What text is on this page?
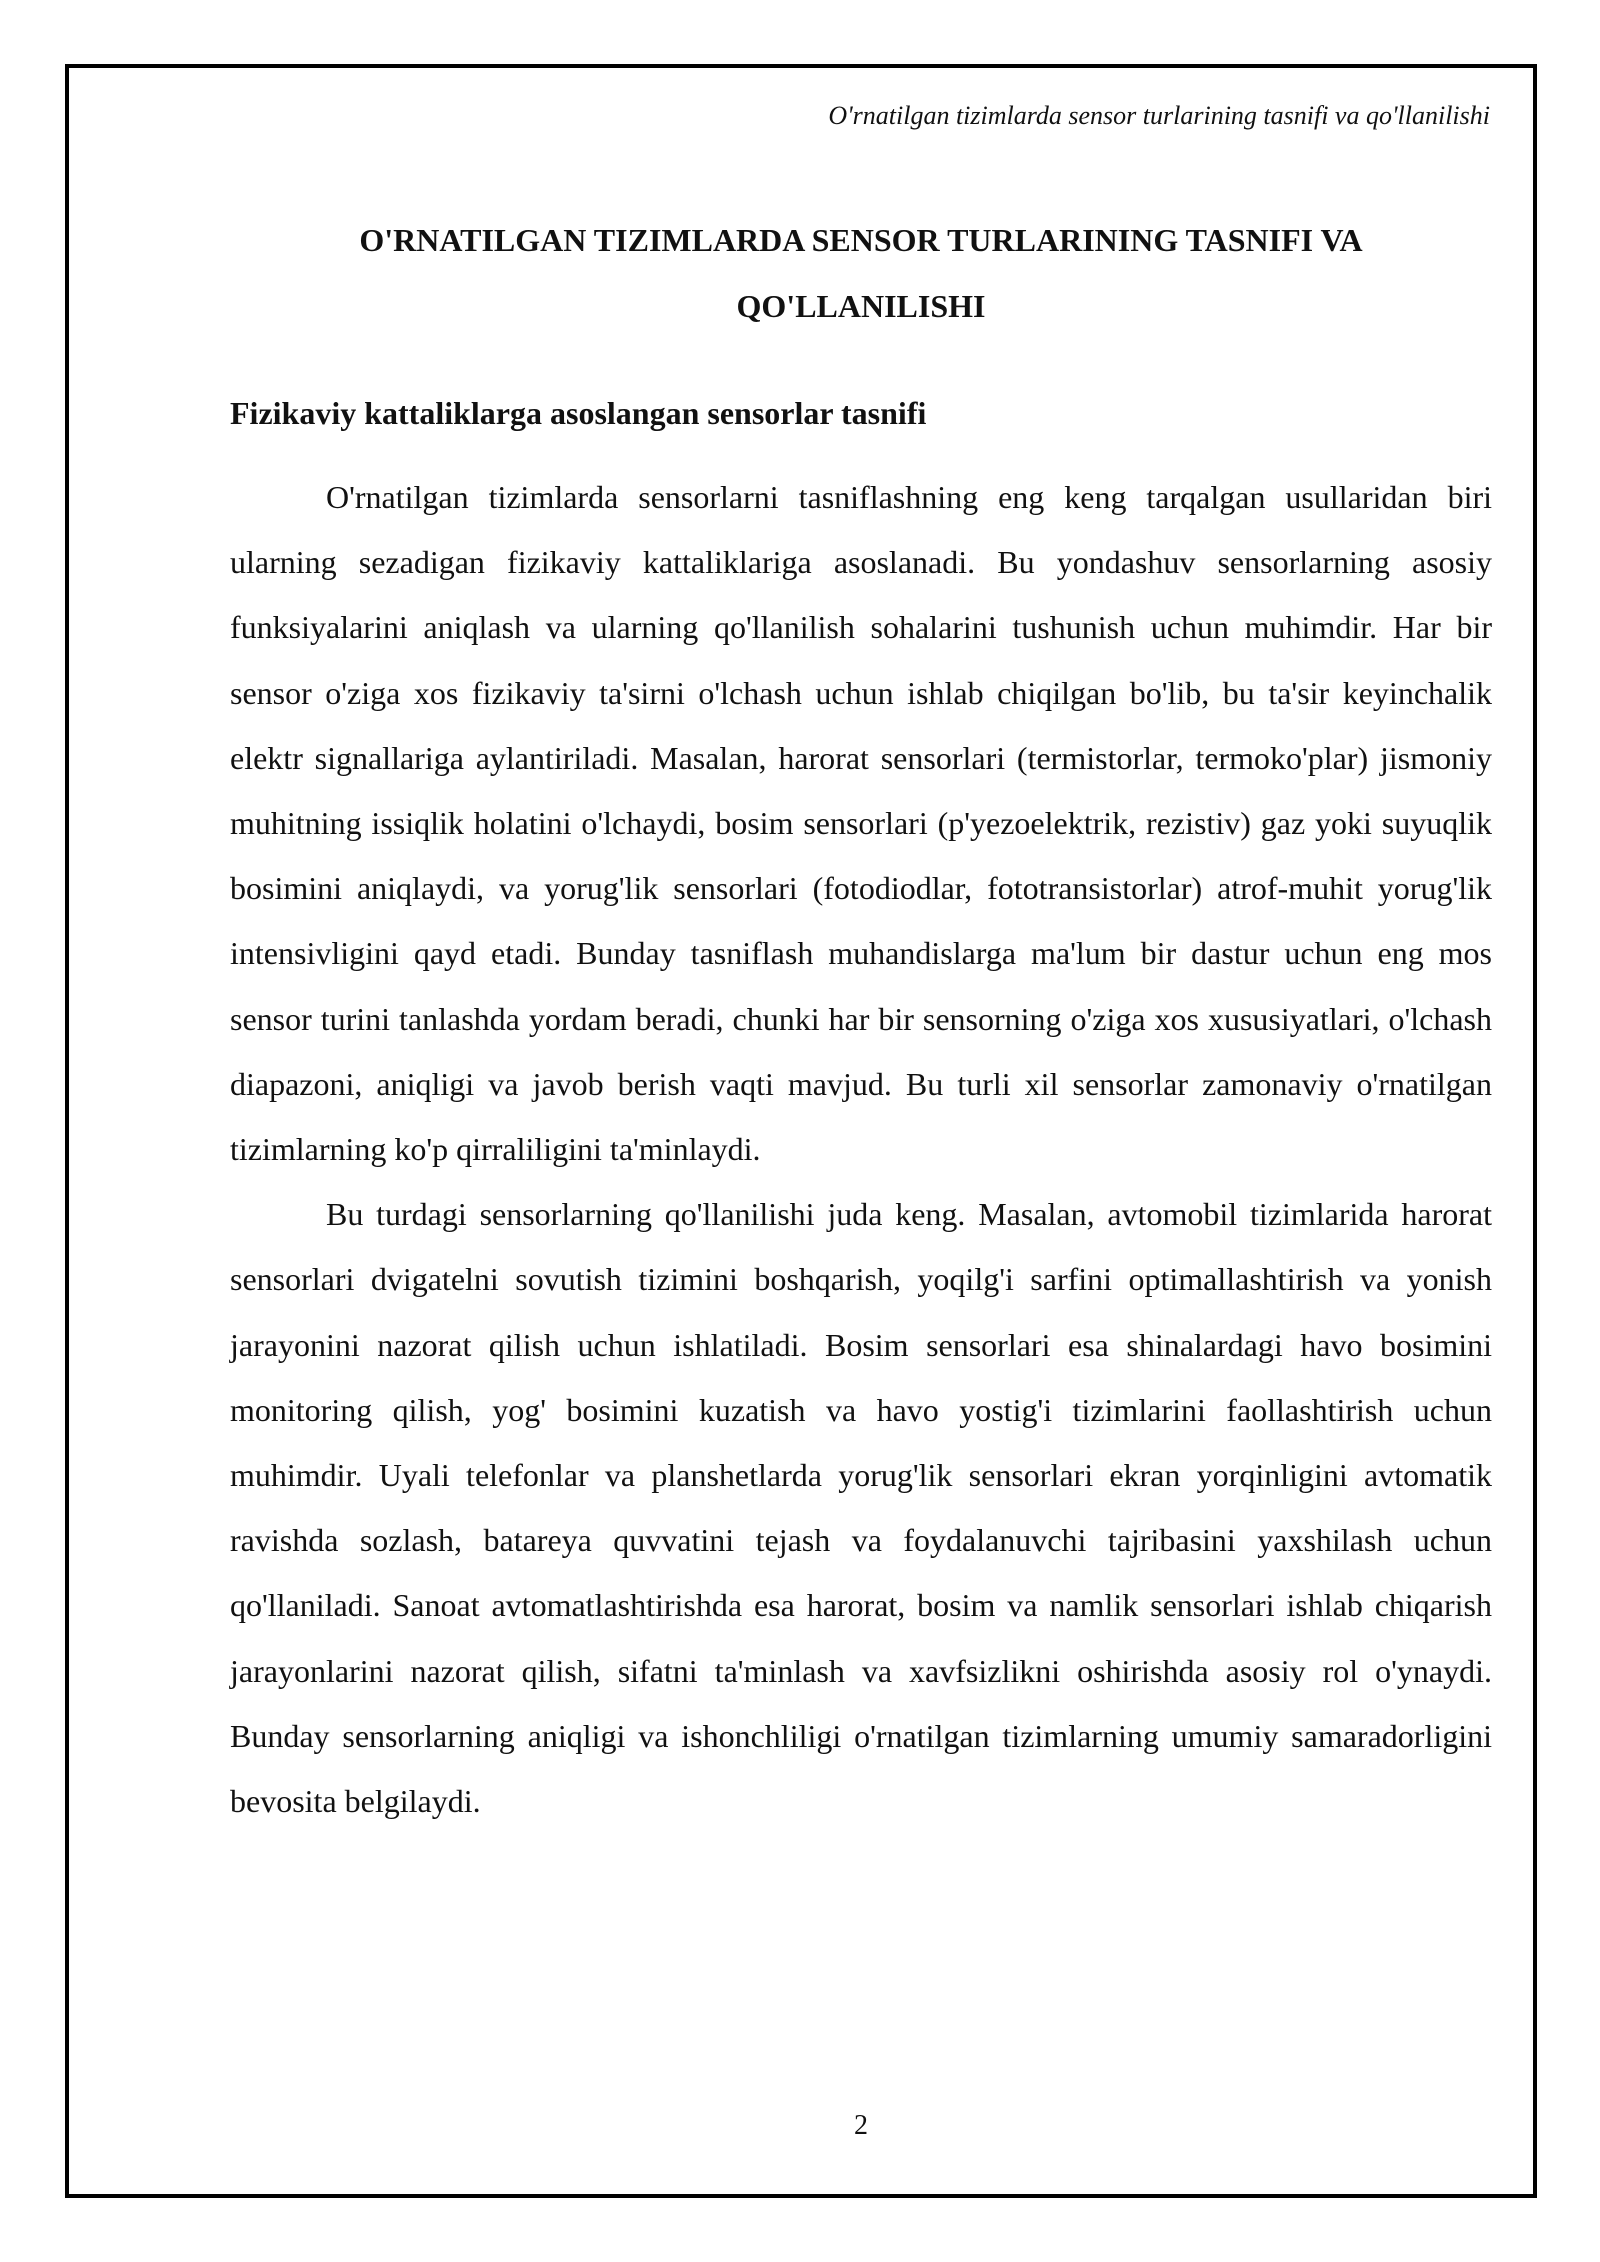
O'rnatilgan tizimlarda sensor turlarining tasnifi va qo'llanilishi
O'RNATILGAN TIZIMLARDA SENSOR TURLARINING TASNIFI VA
QO'LLANILISHI
Fizikaviy kattaliklarga asoslangan sensorlar tasnifi

O'rnatilgan tizimlarda sensorlarni tasniflashning eng keng tarqalgan usullaridan biri ularning sezadigan fizikaviy kattaliklariga asoslanadi. Bu yondashuv sensorlarning asosiy funksiyalarini aniqlash va ularning qo'llanilish sohalarini tushunish uchun muhimdir. Har bir sensor o'ziga xos fizikaviy ta'sirni o'lchash uchun ishlab chiqilgan bo'lib, bu ta'sir keyinchalik elektr signallariga aylantiriladi. Masalan, harorat sensorlari (termistorlar, termoko'plar) jismoniy muhitning issiqlik holatini o'lchaydi, bosim sensorlari (p'yezoelektrik, rezistiv) gaz yoki suyuqlik bosimini aniqlaydi, va yorug'lik sensorlari (fotodiodlar, fototransistorlar) atrof-muhit yorug'lik intensivligini qayd etadi. Bunday tasniflash muhandislarga ma'lum bir dastur uchun eng mos sensor turini tanlashda yordam beradi, chunki har bir sensorning o'ziga xos xususiyatlari, o'lchash diapazoni, aniqligi va javob berish vaqti mavjud. Bu turli xil sensorlar zamonaviy o'rnatilgan tizimlarning ko'p qirraliligini ta'minlaydi.

Bu turdagi sensorlarning qo'llanilishi juda keng. Masalan, avtomobil tizimlarida harorat sensorlari dvigatelni sovutish tizimini boshqarish, yoqilg'i sarfini optimallashtirish va yonish jarayonini nazorat qilish uchun ishlatiladi. Bosim sensorlari esa shinalardagi havo bosimini monitoring qilish, yog' bosimini kuzatish va havo yostig'i tizimlarini faollashtirish uchun muhimdir. Uyali telefonlar va planshetlarda yorug'lik sensorlari ekran yorqinligini avtomatik ravishda sozlash, batareya quvvatini tejash va foydalanuvchi tajribasini yaxshilash uchun qo'llaniladi. Sanoat avtomatlashtirishda esa harorat, bosim va namlik sensorlari ishlab chiqarish jarayonlarini nazorat qilish, sifatni ta'minlash va xavfsizlikni oshirishda asosiy rol o'ynaydi. Bunday sensorlarning aniqligi va ishonchliligi o'rnatilgan tizimlarning umumiy samaradorligini bevosita belgilaydi.

2
